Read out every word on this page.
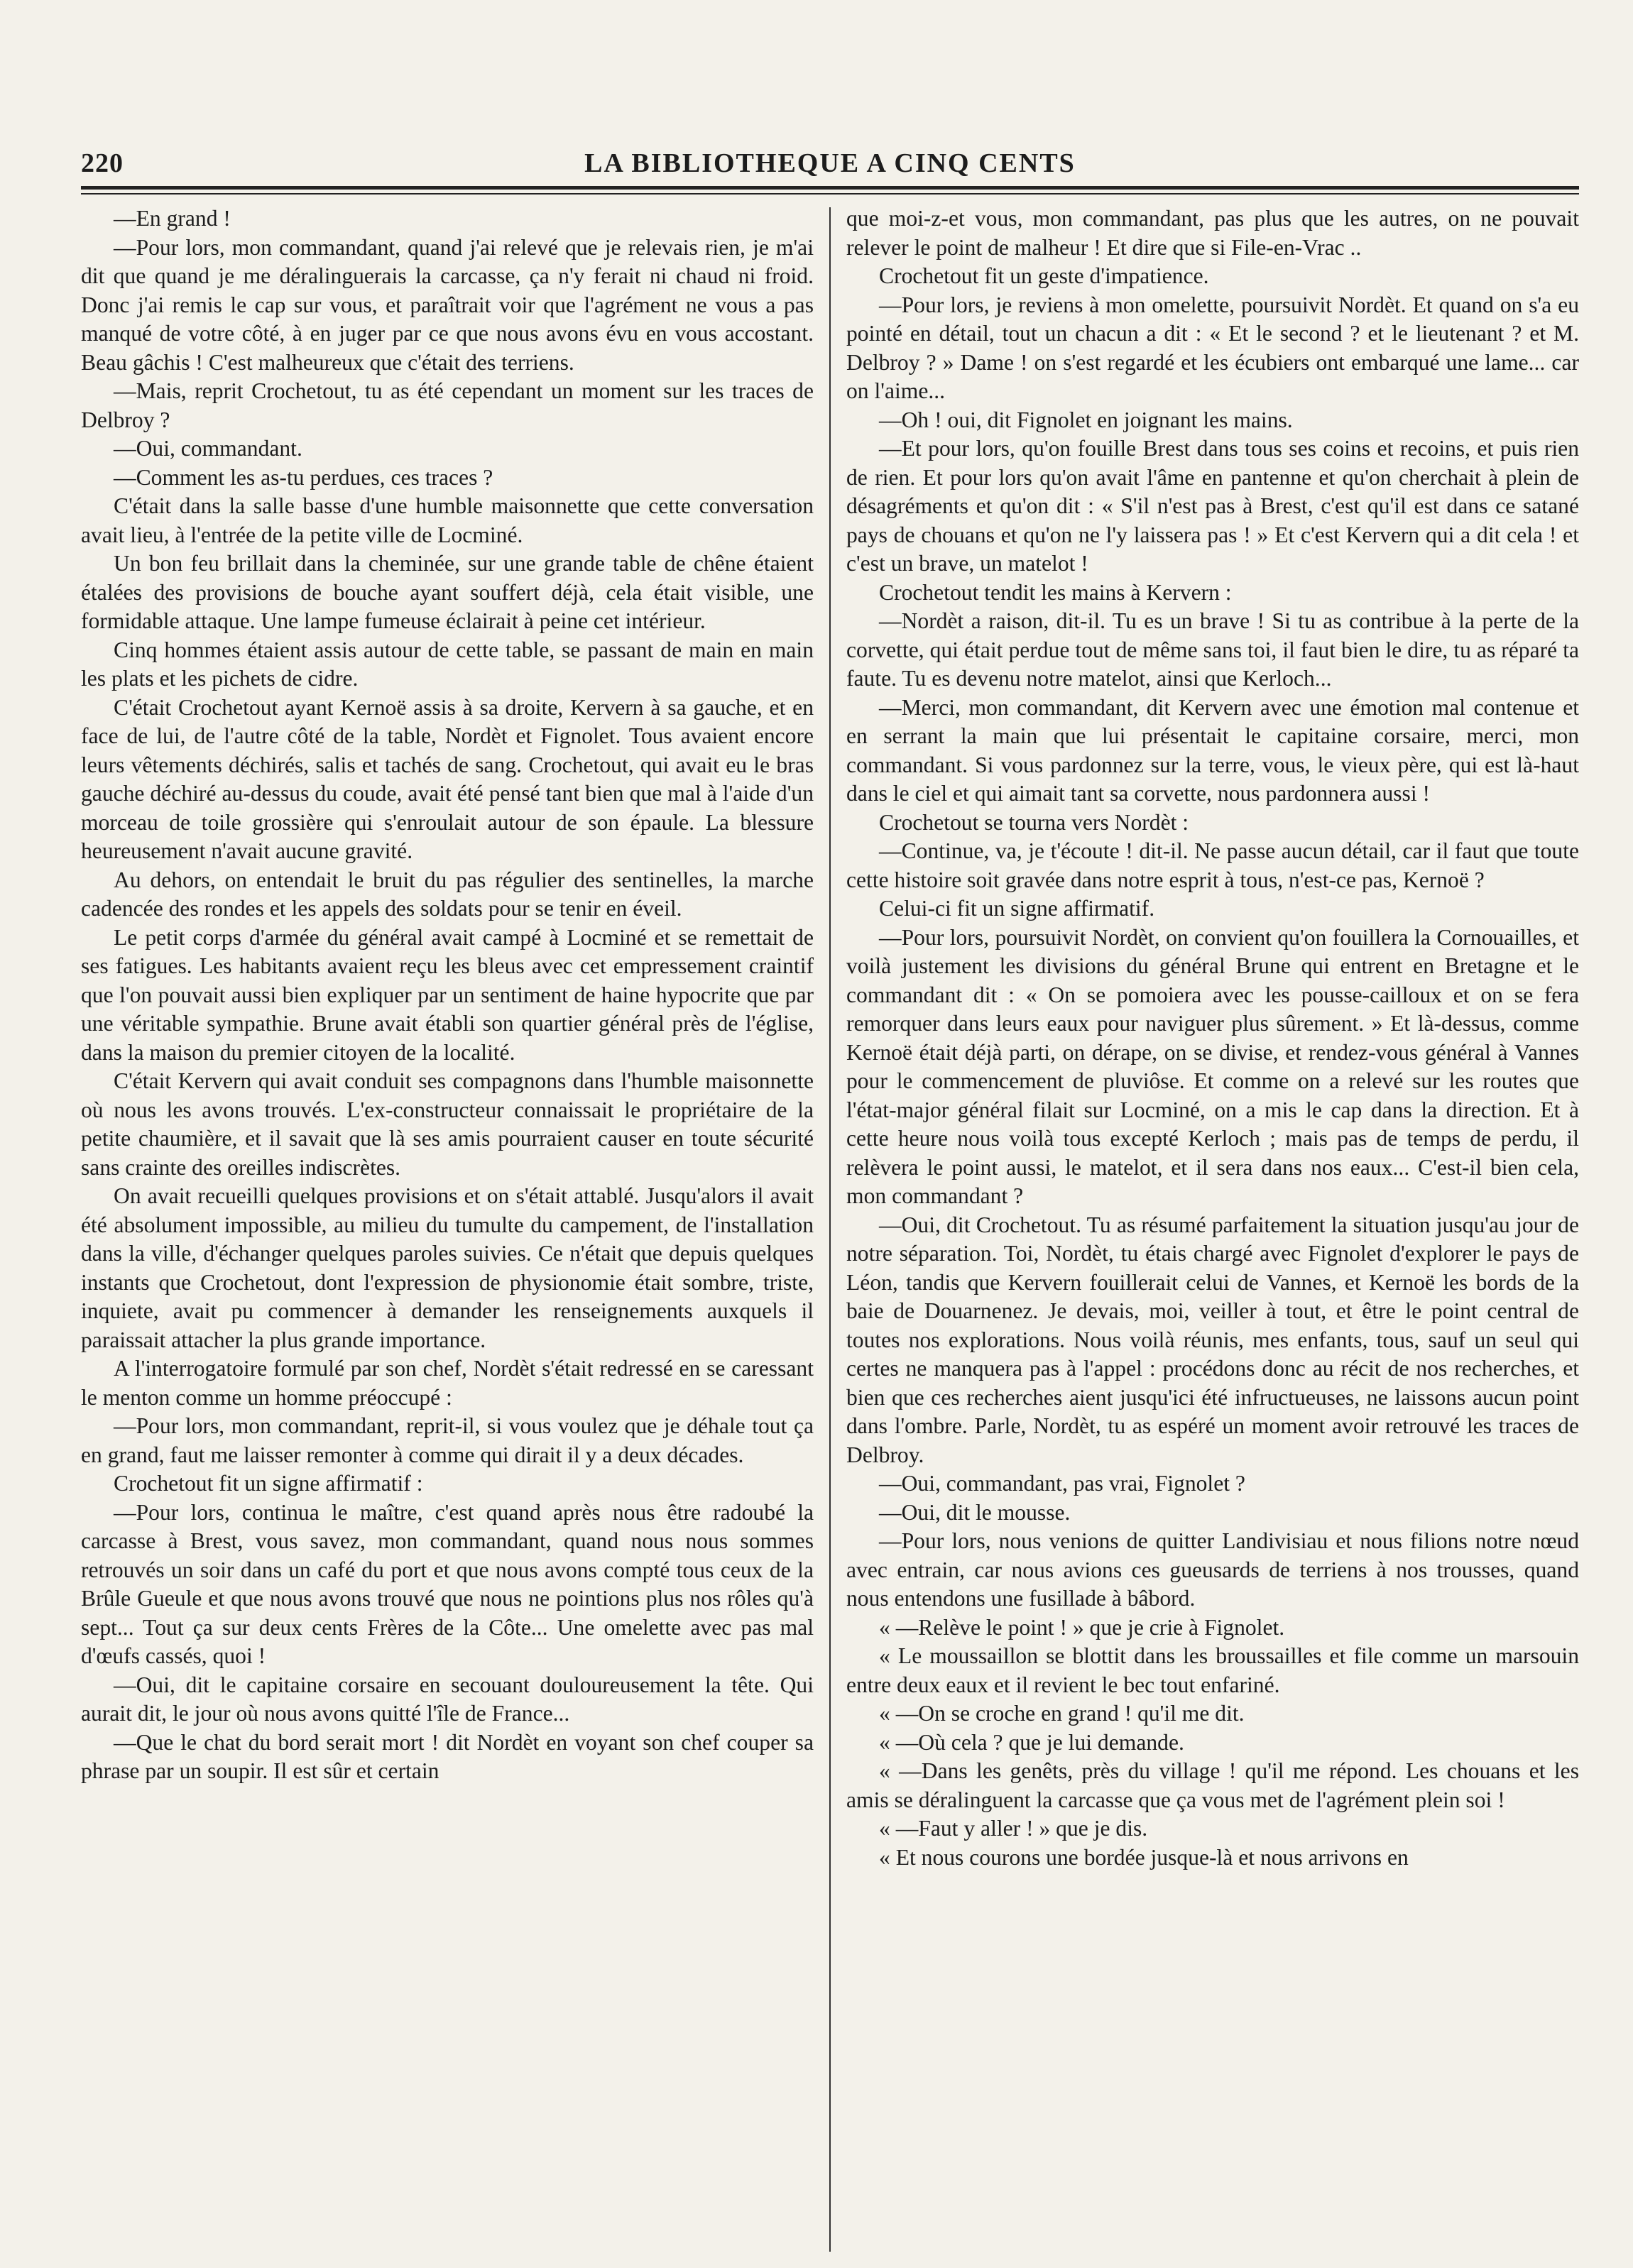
220	LA BIBLIOTHEQUE A CINQ CENTS

—En grand !

—Pour lors, mon commandant, quand j'ai relevé que je relevais rien, je m'ai dit que quand je me déralinguerais la carcasse, ça n'y ferait ni chaud ni froid. Donc j'ai remis le cap sur vous, et paraîtrait voir que l'agrément ne vous a pas manqué de votre côté, à en juger par ce que nous avons évu en vous accostant. Beau gâchis ! C'est malheureux que c'était des terriens.

—Mais, reprit Crochetout, tu as été cependant un moment sur les traces de Delbroy ?

—Oui, commandant.

—Comment les as-tu perdues, ces traces ?

C'était dans la salle basse d'une humble maisonnette que cette conversation avait lieu, à l'entrée de la petite ville de Locminé.

Un bon feu brillait dans la cheminée, sur une grande table de chêne étaient étalées des provisions de bouche ayant souffert déjà, cela était visible, une formidable attaque. Une lampe fumeuse éclairait à peine cet intérieur.

Cinq hommes étaient assis autour de cette table, se passant de main en main les plats et les pichets de cidre.

C'était Crochetout ayant Kernoë assis à sa droite, Kervern à sa gauche, et en face de lui, de l'autre côté de la table, Nordèt et Fignolet. Tous avaient encore leurs vêtements déchirés, salis et tachés de sang. Crochetout, qui avait eu le bras gauche déchiré au-dessus du coude, avait été pensé tant bien que mal à l'aide d'un morceau de toile grossière qui s'enroulait autour de son épaule. La blessure heureusement n'avait aucune gravité.

Au dehors, on entendait le bruit du pas régulier des sentinelles, la marche cadencée des rondes et les appels des soldats pour se tenir en éveil.

Le petit corps d'armée du général avait campé à Locminé et se remettait de ses fatigues. Les habitants avaient reçu les bleus avec cet empressement craintif que l'on pouvait aussi bien expliquer par un sentiment de haine hypocrite que par une véritable sympathie. Brune avait établi son quartier général près de l'église, dans la maison du premier citoyen de la localité.

C'était Kervern qui avait conduit ses compagnons dans l'humble maisonnette où nous les avons trouvés. L'ex-constructeur connaissait le propriétaire de la petite chaumière, et il savait que là ses amis pourraient causer en toute sécurité sans crainte des oreilles indiscrètes.

On avait recueilli quelques provisions et on s'était attablé. Jusqu'alors il avait été absolument impossible, au milieu du tumulte du campement, de l'installation dans la ville, d'échanger quelques paroles suivies. Ce n'était que depuis quelques instants que Crochetout, dont l'expression de physionomie était sombre, triste, inquiete, avait pu commencer à demander les renseignements auxquels il paraissait attacher la plus grande importance.

A l'interrogatoire formulé par son chef, Nordèt s'était redressé en se caressant le menton comme un homme préoccupé :

—Pour lors, mon commandant, reprit-il, si vous voulez que je déhale tout ça en grand, faut me laisser remonter à comme qui dirait il y a deux décades.

Crochetout fit un signe affirmatif :

—Pour lors, continua le maître, c'est quand après nous être radoubé la carcasse à Brest, vous savez, mon commandant, quand nous nous sommes retrouvés un soir dans un café du port et que nous avons compté tous ceux de la Brûle Gueule et que nous avons trouvé que nous ne pointions plus nos rôles qu'à sept... Tout ça sur deux cents Frères de la Côte... Une omelette avec pas mal d'œufs cassés, quoi !

—Oui, dit le capitaine corsaire en secouant douloureusement la tête. Qui aurait dit, le jour où nous avons quitté l'île de France...

—Que le chat du bord serait mort ! dit Nordèt en voyant son chef couper sa phrase par un soupir. Il est sûr et certain

que moi-z-et vous, mon commandant, pas plus que les autres, on ne pouvait relever le point de malheur ! Et dire que si File-en-Vrac ..

Crochetout fit un geste d'impatience.

—Pour lors, je reviens à mon omelette, poursuivit Nordèt. Et quand on s'a eu pointé en détail, tout un chacun a dit : « Et le second ? et le lieutenant ? et M. Delbroy ? » Dame ! on s'est regardé et les écubiers ont embarqué une lame... car on l'aime...

—Oh ! oui, dit Fignolet en joignant les mains.

—Et pour lors, qu'on fouille Brest dans tous ses coins et recoins, et puis rien de rien. Et pour lors qu'on avait l'âme en pantenne et qu'on cherchait à plein de désagréments et qu'on dit : « S'il n'est pas à Brest, c'est qu'il est dans ce satané pays de chouans et qu'on ne l'y laissera pas ! » Et c'est Kervern qui a dit cela ! et c'est un brave, un matelot !

Crochetout tendit les mains à Kervern :

—Nordèt a raison, dit-il. Tu es un brave ! Si tu as contribue à la perte de la corvette, qui était perdue tout de même sans toi, il faut bien le dire, tu as réparé ta faute. Tu es devenu notre matelot, ainsi que Kerloch...

—Merci, mon commandant, dit Kervern avec une émotion mal contenue et en serrant la main que lui présentait le capitaine corsaire, merci, mon commandant. Si vous pardonnez sur la terre, vous, le vieux père, qui est là-haut dans le ciel et qui aimait tant sa corvette, nous pardonnera aussi !

Crochetout se tourna vers Nordèt :

—Continue, va, je t'écoute ! dit-il. Ne passe aucun détail, car il faut que toute cette histoire soit gravée dans notre esprit à tous, n'est-ce pas, Kernoë ?

Celui-ci fit un signe affirmatif.

—Pour lors, poursuivit Nordèt, on convient qu'on fouillera la Cornouailles, et voilà justement les divisions du général Brune qui entrent en Bretagne et le commandant dit : « On se pomoiera avec les pousse-cailloux et on se fera remorquer dans leurs eaux pour naviguer plus sûrement. » Et là-dessus, comme Kernoë était déjà parti, on dérape, on se divise, et rendez-vous général à Vannes pour le commencement de pluviôse. Et comme on a relevé sur les routes que l'état-major général filait sur Locminé, on a mis le cap dans la direction. Et à cette heure nous voilà tous excepté Kerloch ; mais pas de temps de perdu, il relèvera le point aussi, le matelot, et il sera dans nos eaux... C'est-il bien cela, mon commandant ?

—Oui, dit Crochetout. Tu as résumé parfaitement la situation jusqu'au jour de notre séparation. Toi, Nordèt, tu étais chargé avec Fignolet d'explorer le pays de Léon, tandis que Kervern fouillerait celui de Vannes, et Kernoë les bords de la baie de Douarnenez. Je devais, moi, veiller à tout, et être le point central de toutes nos explorations. Nous voilà réunis, mes enfants, tous, sauf un seul qui certes ne manquera pas à l'appel : procédons donc au récit de nos recherches, et bien que ces recherches aient jusqu'ici été infructueuses, ne laissons aucun point dans l'ombre. Parle, Nordèt, tu as espéré un moment avoir retrouvé les traces de Delbroy.

—Oui, commandant, pas vrai, Fignolet ?

—Oui, dit le mousse.

—Pour lors, nous venions de quitter Landivisiau et nous filions notre nœud avec entrain, car nous avions ces gueusards de terriens à nos trousses, quand nous entendons une fusillade à bâbord.

« —Relève le point ! » que je crie à Fignolet.

« Le moussaillon se blottit dans les broussailles et file comme un marsouin entre deux eaux et il revient le bec tout enfariné.

« —On se croche en grand ! qu'il me dit.

« —Où cela ? que je lui demande.

« —Dans les genêts, près du village ! qu'il me répond. Les chouans et les amis se déralinguent la carcasse que ça vous met de l'agrément plein soi !

« —Faut y aller ! » que je dis.

« Et nous courons une bordée jusque-là et nous arrivons en
